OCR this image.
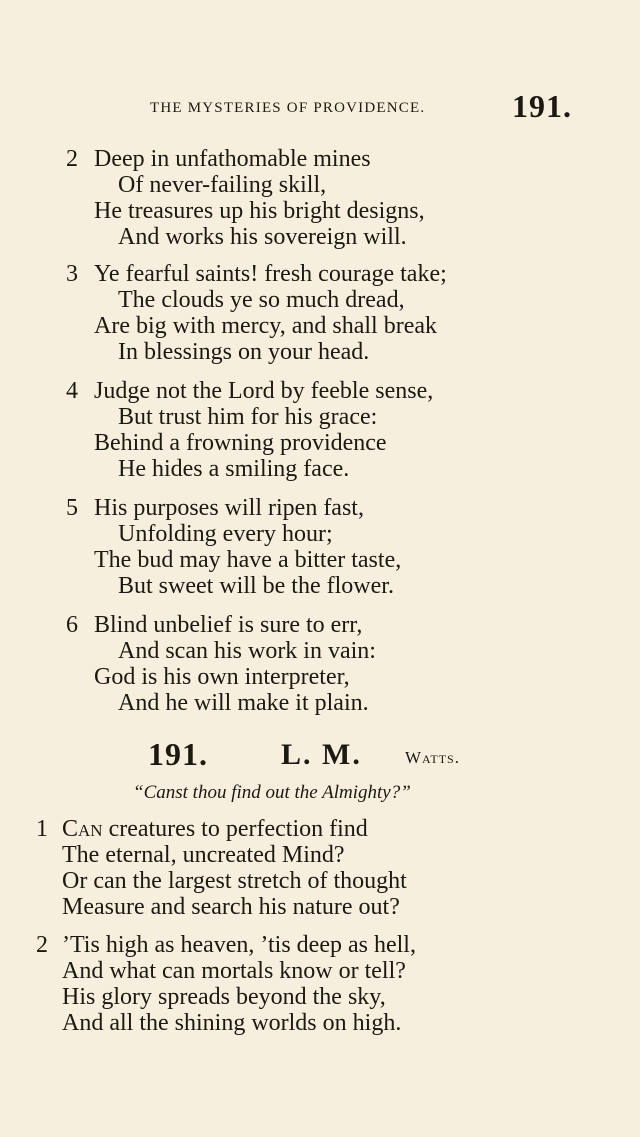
THE MYSTERIES OF PROVIDENCE.	191.
2 Deep in unfathomable mines
Of never-failing skill,
He treasures up his bright designs,
And works his sovereign will.
3 Ye fearful saints! fresh courage take;
The clouds ye so much dread,
Are big with mercy, and shall break
In blessings on your head.
4 Judge not the Lord by feeble sense,
But trust him for his grace:
Behind a frowning providence
He hides a smiling face.
5 His purposes will ripen fast,
Unfolding every hour;
The bud may have a bitter taste,
But sweet will be the flower.
6 Blind unbelief is sure to err,
And scan his work in vain:
God is his own interpreter,
And he will make it plain.
191. L. M.	Watts.
“Canst thou find out the Almighty?”
1 Can creatures to perfection find
The eternal, uncreated Mind?
Or can the largest stretch of thought
Measure and search his nature out?
2 ’Tis high as heaven, ’tis deep as hell,
And what can mortals know or tell?
His glory spreads beyond the sky,
And all the shining worlds on high.
